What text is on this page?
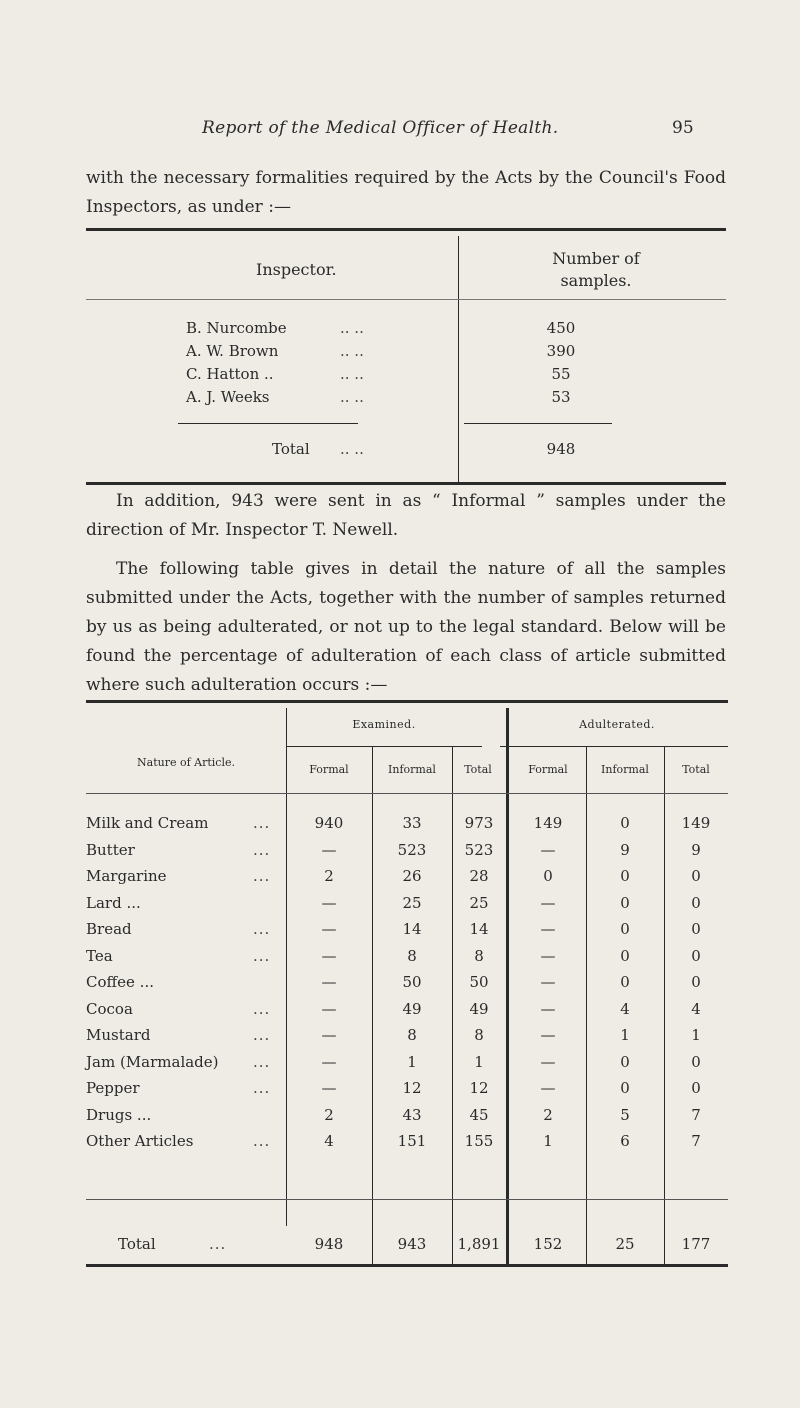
Report of the Medical Officer of Health.	95
with the necessary formalities required by the Acts by the Council's Food Inspectors, as under :—
Inspector.
Number of samples.
B. Nurcombe	.. ..	450
A. W. Brown	.. ..	390
C. Hatton ..	.. ..	55
A. J. Weeks	.. ..	53
Total .. ..	948
In addition, 943 were sent in as “ Informal ” samples under the direction of Mr. Inspector T. Newell.
The following table gives in detail the nature of all the samples submitted under the Acts, together with the number of samples returned by us as being adulterated, or not up to the legal standard. Below will be found the percentage of adulteration of each class of article submitted where such adulteration occurs :—
Nature of Article.
Examined.	Adulterated.
Formal	Informal	Total	Formal	Informal	Total
Milk and Cream	...	940	33	973	149	0	149
Butter	...	—	523	523	—	9	9
Margarine	...	2	26	28	0	0	0
Lard ...	—	25	25	—	0	0
Bread	...	—	14	14	—	0	0
Tea	...	—	8	8	—	0	0
Coffee ...	—	50	50	—	0	0
Cocoa	...	—	49	49	—	4	4
Mustard	...	—	8	8	—	1	1
Jam (Marmalade) ...	—	1	1	—	0	0
Pepper	...	—	12	12	—	0	0
Drugs ...	2	43	45	2	5	7
Other Articles	...	4	151	155	1	6	7
Total	...	948	943	1,891	152	25	177
